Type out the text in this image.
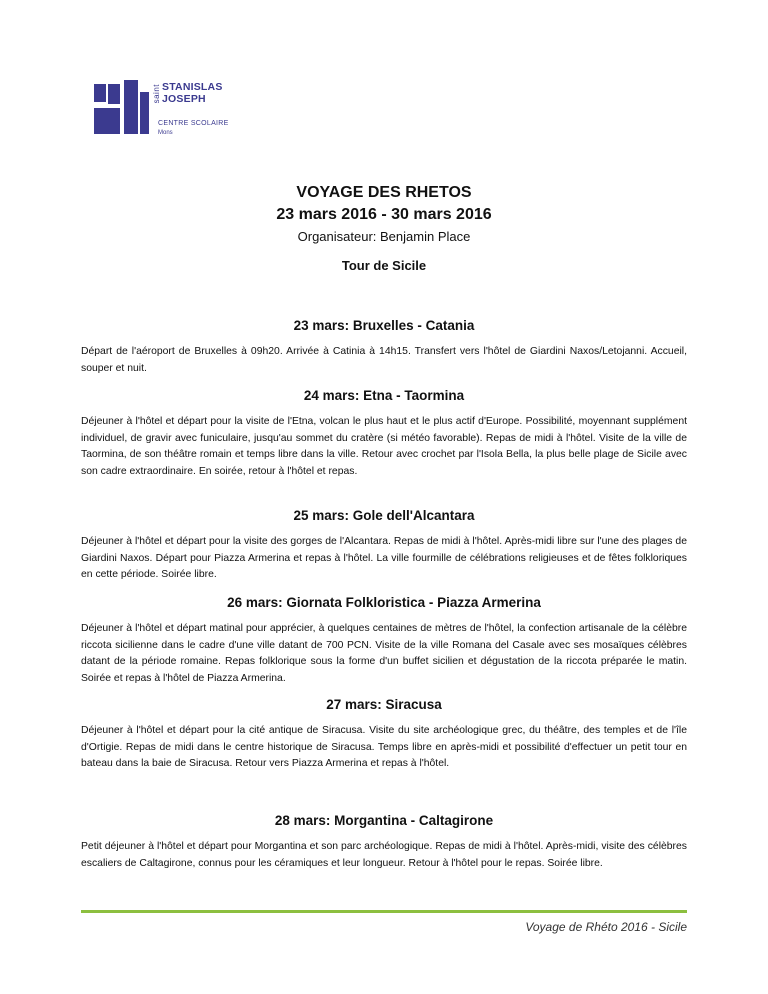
saint STANISLAS
JOSEPH
CENTRE SCOLAIRE
Mons
VOYAGE DES RHETOS
23 mars 2016 - 30 mars 2016
Organisateur: Benjamin Place
Tour de Sicile
23 mars: Bruxelles - Catania

Départ de l'aéroport de Bruxelles à 09h20. Arrivée à Catinia à 14h15. Transfert vers l'hôtel de Giardini Naxos/Letojanni. Accueil, souper et nuit.

24 mars: Etna - Taormina

Déjeuner à l'hôtel et départ pour la visite de l'Etna, volcan le plus haut et le plus actif d'Europe. Possibilité, moyennant supplément individuel, de gravir avec funiculaire, jusqu'au sommet du cratère (si météo favorable). Repas de midi à l'hôtel. Visite de la ville de Taormina, de son théâtre romain et temps libre dans la ville. Retour avec crochet par l'Isola Bella, la plus belle plage de Sicile avec son cadre extraordinaire. En soirée, retour à l'hôtel et repas.

25 mars: Gole dell'Alcantara

Déjeuner à l'hôtel et départ pour la visite des gorges de l'Alcantara. Repas de midi à l'hôtel. Après-midi libre sur l'une des plages de Giardini Naxos. Départ pour Piazza Armerina et repas à l'hôtel. La ville fourmille de célébrations religieuses et de fêtes folkloriques en cette période. Soirée libre.

26 mars: Giornata Folkloristica - Piazza Armerina

Déjeuner à l'hôtel et départ matinal pour apprécier, à quelques centaines de mètres de l'hôtel, la confection artisanale de la célèbre riccota sicilienne dans le cadre d'une ville datant de 700 PCN. Visite de la ville Romana del Casale avec ses mosaïques célèbres datant de la période romaine. Repas folklorique sous la forme d'un buffet sicilien et dégustation de la riccota préparée le matin. Soirée et repas à l'hôtel de Piazza Armerina.

27 mars: Siracusa

Déjeuner à l'hôtel et départ pour la cité antique de Siracusa. Visite du site archéologique grec, du théâtre, des temples et de l'île d'Ortigie. Repas de midi dans le centre historique de Siracusa. Temps libre en après-midi et possibilité d'effectuer un petit tour en bateau dans la baie de Siracusa. Retour vers Piazza Armerina et repas à l'hôtel.

28 mars: Morgantina - Caltagirone

Petit déjeuner à l'hôtel et départ pour Morgantina et son parc archéologique. Repas de midi à l'hôtel. Après-midi, visite des célèbres escaliers de Caltagirone, connus pour les céramiques et leur longueur. Retour à l'hôtel pour le repas. Soirée libre.

Voyage de Rhéto 2016 - Sicile
